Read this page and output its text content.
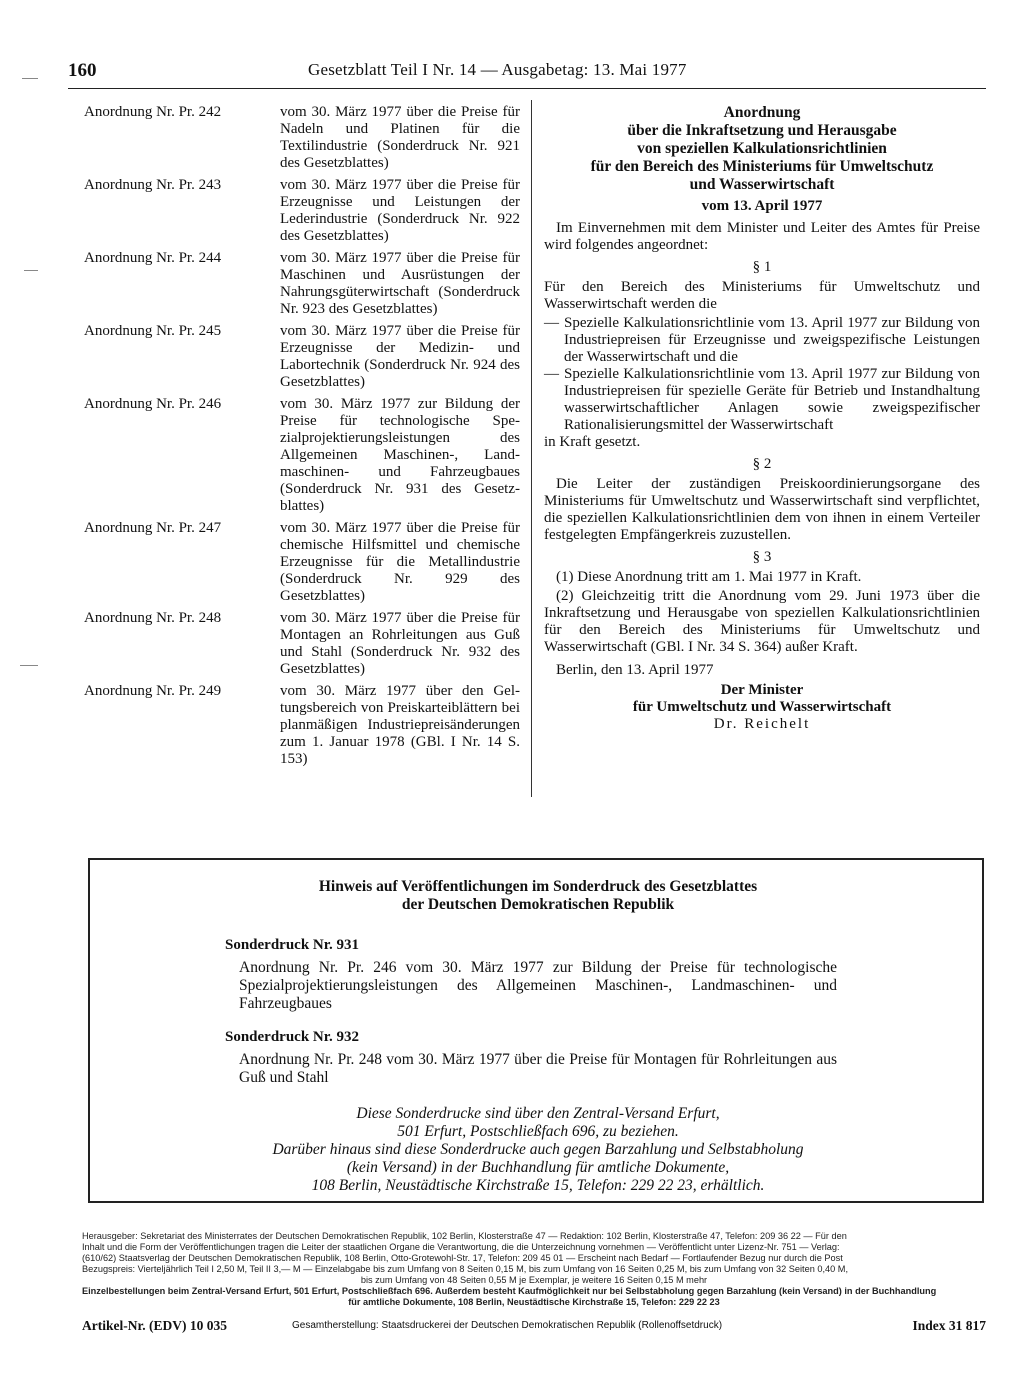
160	Gesetzblatt Teil I Nr. 14 — Ausgabetag: 13. Mai 1977
Anordnung Nr. Pr. 242	vom 30. März 1977 über die Preise für Nadeln und Platinen für die Textilindustrie (Sonderdruck Nr. 921 des Gesetzblattes)
Anordnung Nr. Pr. 243	vom 30. März 1977 über die Preise für Erzeugnisse und Leistungen der Lederindustrie (Sonderdruck Nr. 922 des Gesetzblattes)
Anordnung Nr. Pr. 244	vom 30. März 1977 über die Preise für Maschinen und Ausrüstungen der Nahrungsgüterwirtschaft (Sonderdruck Nr. 923 des Gesetzblattes)
Anordnung Nr. Pr. 245	vom 30. März 1977 über die Preise für Erzeugnisse der Medizin- und Labortechnik (Sonderdruck Nr. 924 des Gesetzblattes)
Anordnung Nr. Pr. 246	vom 30. März 1977 zur Bildung der Preise für technologische Spezialprojektierungsleistungen des Allgemeinen Maschinen-, Landmaschinen- und Fahrzeugbaues (Sonderdruck Nr. 931 des Gesetzblattes)
Anordnung Nr. Pr. 247	vom 30. März 1977 über die Preise für chemische Hilfsmittel und chemische Erzeugnisse für die Metallindustrie (Sonderdruck Nr. 929 des Gesetzblattes)
Anordnung Nr. Pr. 248	vom 30. März 1977 über die Preise für Montagen an Rohrleitungen aus Guß und Stahl (Sonderdruck Nr. 932 des Gesetzblattes)
Anordnung Nr. Pr. 249	vom 30. März 1977 über den Geltungsbereich von Preiskarteiblättern bei planmäßigen Industriepreisänderungen zum 1. Januar 1978 (GBl. I Nr. 14 S. 153)
Anordnung
über die Inkraftsetzung und Herausgabe
von speziellen Kalkulationsrichtlinien
für den Bereich des Ministeriums für Umweltschutz
und Wasserwirtschaft
vom 13. April 1977

Im Einvernehmen mit dem Minister und Leiter des Amtes für Preise wird folgendes angeordnet:

§ 1

Für den Bereich des Ministeriums für Umweltschutz und Wasserwirtschaft werden die

— Spezielle Kalkulationsrichtlinie vom 13. April 1977 zur Bildung von Industriepreisen für Erzeugnisse und zweigspezifische Leistungen der Wasserwirtschaft und die
— Spezielle Kalkulationsrichtlinie vom 13. April 1977 zur Bildung von Industriepreisen für spezielle Geräte für Betrieb und Instandhaltung wasserwirtschaftlicher Anlagen sowie zweigspezifischer Rationalisierungsmittel der Wasserwirtschaft

in Kraft gesetzt.

§ 2

Die Leiter der zuständigen Preiskoordinierungsorgane des Ministeriums für Umweltschutz und Wasserwirtschaft sind verpflichtet, die speziellen Kalkulationsrichtlinien dem von ihnen in einem Verteiler festgelegten Empfängerkreis zuzustellen.

§ 3

(1) Diese Anordnung tritt am 1. Mai 1977 in Kraft.

(2) Gleichzeitig tritt die Anordnung vom 29. Juni 1973 über die Inkraftsetzung und Herausgabe von speziellen Kalkulationsrichtlinien für den Bereich des Ministeriums für Umweltschutz und Wasserwirtschaft (GBl. I Nr. 34 S. 364) außer Kraft.

Berlin, den 13. April 1977

Der Minister
für Umweltschutz und Wasserwirtschaft
Dr. Reichelt
Hinweis auf Veröffentlichungen im Sonderdruck des Gesetzblattes
der Deutschen Demokratischen Republik
Sonderdruck Nr. 931
Anordnung Nr. Pr. 246 vom 30. März 1977 zur Bildung der Preise für technologische Spezialprojektierungsleistungen des Allgemeinen Maschinen-, Landmaschinen- und Fahrzeugbaues
Sonderdruck Nr. 932
Anordnung Nr. Pr. 248 vom 30. März 1977 über die Preise für Montagen für Rohrleitungen aus Guß und Stahl
Diese Sonderdrucke sind über den Zentral-Versand Erfurt,
501 Erfurt, Postschließfach 696, zu beziehen.
Darüber hinaus sind diese Sonderdrucke auch gegen Barzahlung und Selbstabholung
(kein Versand) in der Buchhandlung für amtliche Dokumente,
108 Berlin, Neustädtische Kirchstraße 15, Telefon: 229 22 23, erhältlich.
Herausgeber: Sekretariat des Ministerrates der Deutschen Demokratischen Republik, 102 Berlin, Klosterstraße 47 — Redaktion: 102 Berlin, Klosterstraße 47, Telefon: 209 36 22 — Für den
Inhalt und die Form der Veröffentlichungen tragen die Leiter der staatlichen Organe die Verantwortung, die die Unterzeichnung vornehmen — Veröffentlicht unter Lizenz-Nr. 751 — Verlag:
(610/62) Staatsverlag der Deutschen Demokratischen Republik, 108 Berlin, Otto-Grotewohl-Str. 17, Telefon: 209 45 01 — Erscheint nach Bedarf — Fortlaufender Bezug nur durch die Post
Bezugspreis: Vierteljährlich Teil I 2,50 M, Teil II 3,— M — Einzelabgabe bis zum Umfang von 8 Seiten 0,15 M, bis zum Umfang von 16 Seiten 0,25 M, bis zum Umfang von 32 Seiten 0,40 M,
bis zum Umfang von 48 Seiten 0,55 M je Exemplar, je weitere 16 Seiten 0,15 M mehr
Einzelbestellungen beim Zentral-Versand Erfurt, 501 Erfurt, Postschließfach 696. Außerdem besteht Kaufmöglichkeit nur bei Selbstabholung gegen Barzahlung (kein Versand) in der Buchhandlung
für amtliche Dokumente, 108 Berlin, Neustädtische Kirchstraße 15, Telefon: 229 22 23
Artikel-Nr. (EDV) 10 035	Gesamtherstellung: Staatsdruckerei der Deutschen Demokratischen Republik (Rollenoffsetdruck)	Index 31 817
